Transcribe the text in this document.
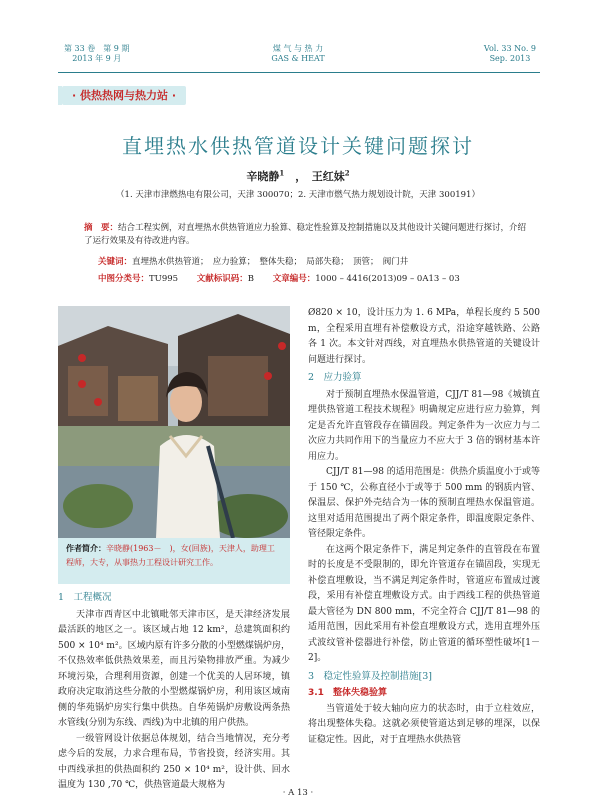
第 33 卷　第 9 期
2013 年 9 月
煤 气 与 热 力
GAS & HEAT
Vol. 33 No. 9
Sep. 2013
· 供热热网与热力站 ·
直埋热水供热管道设计关键问题探讨
辛晓静$^1$　，　王红妹$^2$
（1. 天津市津燃热电有限公司，天津 300070；2. 天津市燃气热力规划设计院，天津 300191）
摘　要：结合工程实例，对直埋热水供热管道应力验算、稳定性验算及控制措施以及其他设计关键问题进行探讨，介绍了运行效果及有待改进内容。
关键词：直埋热水供热管道；　应力验算；　整体失稳；　局部失稳；　顶管；　阀门井
中图分类号：TU995 文献标识码：B 文章编号：1000 – 4416(2013)09 – 0A13 – 03
作者简介：辛晓静(1963－　)，女(回族)，天津人，助理工程师，大专，从事热力工程设计研究工作。
1　工程概况

天津市西青区中北镇毗邻天津市区，是天津经济发展最活跃的地区之一。该区域占地 12 km²，总建筑面积约 500 × 10⁴ m²。区域内原有许多分散的小型燃煤锅炉房，不仅热效率低供热效果差，而且污染物排放严重。为减少环境污染，合理利用资源，创建一个优美的人居环境，镇政府决定取消这些分散的小型燃煤锅炉房，利用该区域南侧的华苑锅炉房实行集中供热。自华苑锅炉房敷设两条热水管线(分别为东线、西线)为中北镇的用户供热。

一级管网设计依据总体规划，结合当地情况，充分考虑今后的发展，力求合理布局，节省投资，经济实用。其中西线承担的供热面积约 250 × 10⁴ m²，设计供、回水温度为 130 ,70 ℃，供热管道最大规格为

Ø820 × 10，设计压力为 1. 6 MPa，单程长度约 5 500 m，全程采用直埋有补偿敷设方式，沿途穿越铁路、公路各 1 次。本文针对西线，对直埋热水供热管道的关键设计问题进行探讨。

2　应力验算

对于预制直埋热水保温管道，CJJ/T 81—98《城镇直埋供热管道工程技术规程》明确规定应进行应力验算，判定是否允许直管段存在锚固段。判定条件为一次应力与二次应力共同作用下的当量应力不应大于 3 倍的钢材基本许用应力。

CJJ/T 81—98 的适用范围是：供热介质温度小于或等于 150 ℃，公称直径小于或等于 500 mm 的钢质内管、保温层、保护外壳结合为一体的预制直埋热水保温管道。这里对适用范围提出了两个限定条件，即温度限定条件、管径限定条件。

在这两个限定条件下，满足判定条件的直管段在布置时的长度是不受限制的，即允许管道存在锚固段，实现无补偿直埋敷设，当不满足判定条件时，管道应布置成过渡段，采用有补偿直埋敷设方式。由于西线工程的供热管道最大管径为 DN 800 mm，不完全符合 CJJ/T 81—98 的适用范围，因此采用有补偿直埋敷设方式，选用直埋外压式波纹管补偿器进行补偿，防止管道的循环塑性破坏[1－2]。

3　稳定性验算及控制措施[3]
3.1　整体失稳验算

当管道处于较大轴向应力的状态时，由于立柱效应，将出现整体失稳。这就必须使管道达到足够的埋深，以保证稳定性。因此，对于直埋热水供热管

· A 13 ·
